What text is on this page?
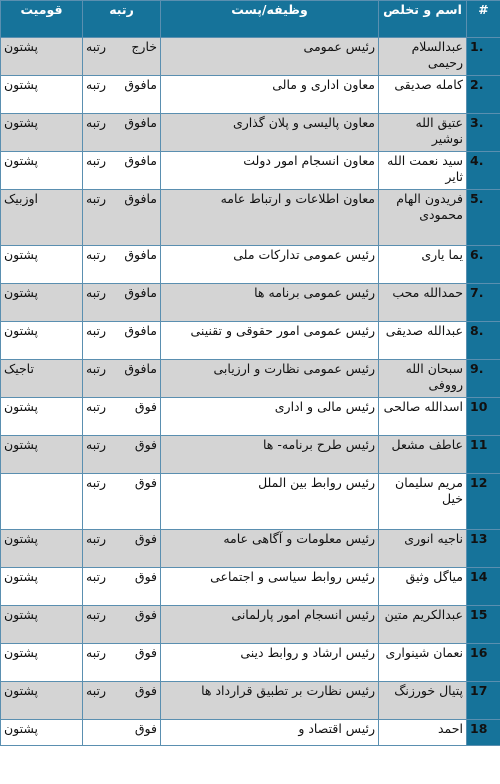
قومیت	رتبه	وظیفه/پست	اسم و تخلص	#
پشتون	خارج رتبه	رئیس عمومی	عبدالسلام رحیمی	1.
پشتون	مافوق رتبه	معاون اداری و مالی	کامله صدیقی	2.
پشتون	مافوق رتبه	معاون پالیسی و پلان گذاری	عتیق الله نوشیر	3.
پشتون	مافوق رتبه	معاون انسجام امور دولت	سید نعمت الله ثایر	4.
اوزبیک	مافوق رتبه	معاون اطلاعات و ارتباط عامه	فریدون الهام محمودی	5.
پشتون	مافوق رتبه	رئیس عمومی تدارکات ملی	یما یاری	6.
پشتون	مافوق رتبه	رئیس عمومی برنامه ها	حمدالله محب	7.
پشتون	مافوق رتبه	رئیس عمومی امور حقوقی و تقنینی	عبدالله صدیقی	8.
تاجیک	مافوق رتبه	رئیس عمومی نظارت و ارزیابی	سبحان الله رووفی	9.
پشتون	فوق رتبه	رئیس مالی و اداری	اسدالله صالحی	10
پشتون	فوق رتبه	رئیس طرح برنامه- ها	عاطف مشعل	11
	فوق رتبه	رئیس روابط بین الملل	مریم سلیمان خیل	12
پشتون	فوق رتبه	رئیس معلومات و آگاهی عامه	ناجیه انوری	13
پشتون	فوق رتبه	رئیس روابط سیاسی و اجتماعی	میاگل وثیق	14
پشتون	فوق رتبه	رئیس انسجام امور پارلمانی	عبدالکریم متین	15
پشتون	فوق رتبه	رئیس ارشاد و روابط دینی	نعمان شینواری	16
پشتون	فوق رتبه	رئیس نظارت بر تطبیق قرارداد ها	پتیال خورزنگ	17
پشتون	فوق	رئیس اقتصاد و	احمد	18
